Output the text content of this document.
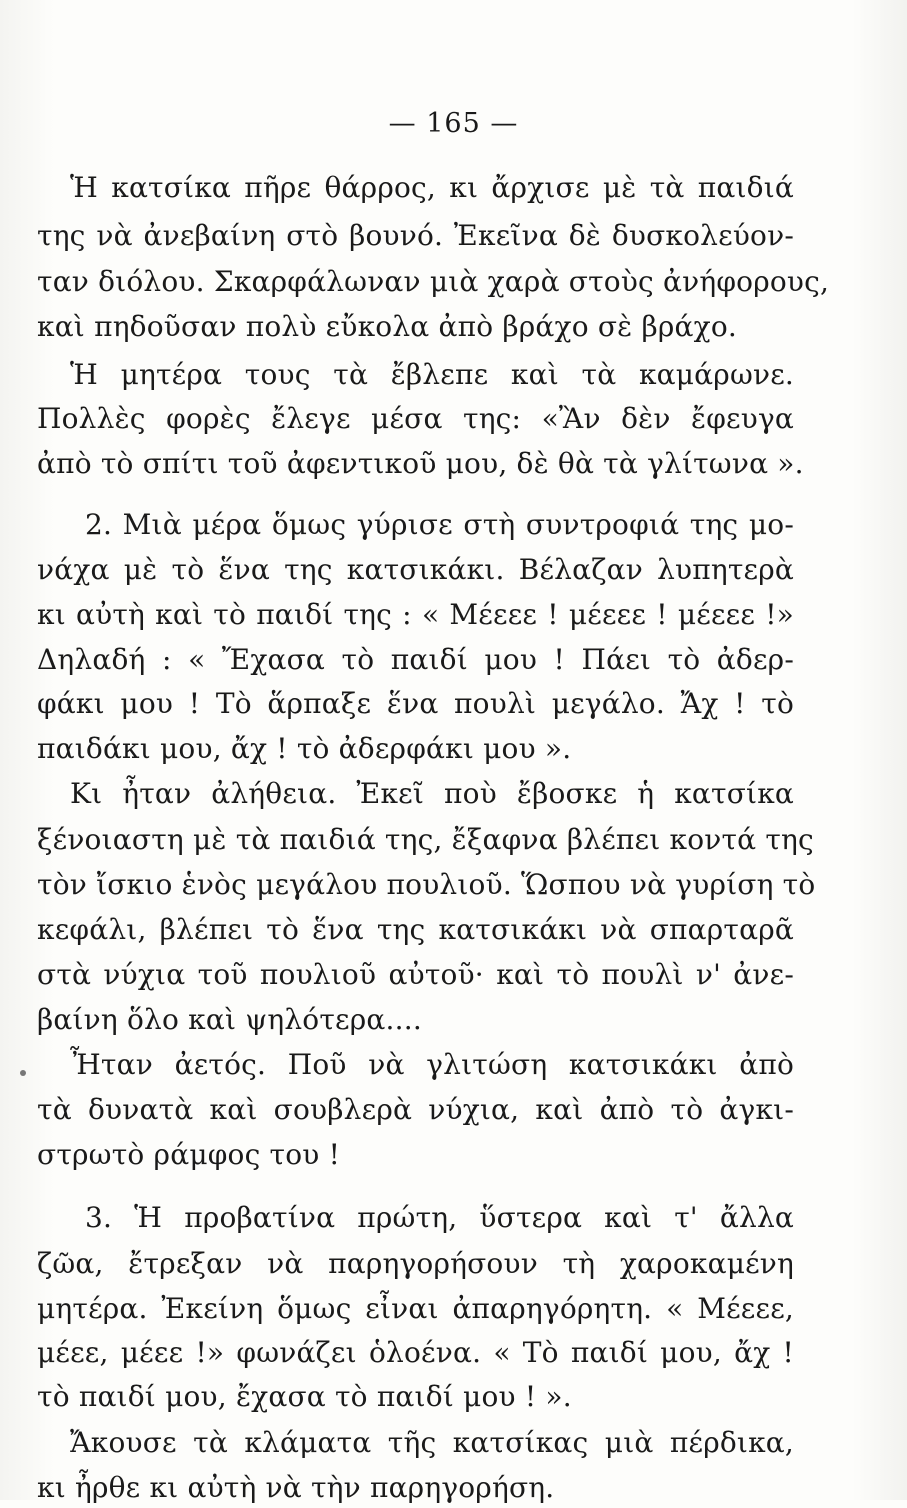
— 165 —
Ἡ κατσίκα πῆρε θάρρος, κι ἄρχισε μὲ τὰ παιδιά
της νὰ ἀνεβαίνη στὸ βουνό. Ἐκεῖνα δὲ δυσκολεύον-
ταν διόλου. Σκαρφάλωναν μιὰ χαρὰ στοὺς ἀνήφορους,
καὶ πηδοῦσαν πολὺ εὔκολα ἀπὸ βράχο σὲ βράχο.
Ἡ μητέρα τους τὰ ἔβλεπε καὶ τὰ καμάρωνε.
Πολλὲς φορὲς ἔλεγε μέσα της: «Ἂν δὲν ἔφευγα
ἀπὸ τὸ σπίτι τοῦ ἀφεντικοῦ μου, δὲ θὰ τὰ γλίτωνα ».
2. Μιὰ μέρα ὅμως γύρισε στὴ συντροφιά της μο-
νάχα μὲ τὸ ἕνα της κατσικάκι. Βέλαζαν λυπητερὰ
κι αὐτὴ καὶ τὸ παιδί της : « Μέεεε ! μέεεε ! μέεεε !»
Δηλαδή : « Ἔχασα τὸ παιδί μου ! Πάει τὸ ἀδερ-
φάκι μου ! Τὸ ἅρπαξε ἕνα πουλὶ μεγάλο. Ἄχ ! τὸ
παιδάκι μου, ἄχ ! τὸ ἀδερφάκι μου ».
Κι ἦταν ἀλήθεια. Ἐκεῖ ποὺ ἔβοσκε ἡ κατσίκα
ξένοιαστη μὲ τὰ παιδιά της, ἔξαφνα βλέπει κοντά της
τὸν ἴσκιο ἑνὸς μεγάλου πουλιοῦ. Ὥσπου νὰ γυρίση τὸ
κεφάλι, βλέπει τὸ ἕνα της κατσικάκι νὰ σπαρταρᾶ
στὰ νύχια τοῦ πουλιοῦ αὐτοῦ· καὶ τὸ πουλὶ ν' ἀνε-
βαίνη ὅλο καὶ ψηλότερα....
Ἦταν ἀετός. Ποῦ νὰ γλιτώση κατσικάκι ἀπὸ
τὰ δυνατὰ καὶ σουβλερὰ νύχια, καὶ ἀπὸ τὸ ἀγκι-
στρωτὸ ράμφος του !
3. Ἡ προβατίνα πρώτη, ὕστερα καὶ τ' ἄλλα
ζῶα, ἔτρεξαν νὰ παρηγορήσουν τὴ χαροκαμένη
μητέρα. Ἐκείνη ὅμως εἶναι ἀπαρηγόρητη. « Μέεεε,
μέεε, μέεε !» φωνάζει ὁλοένα. « Τὸ παιδί μου, ἄχ !
τὸ παιδί μου, ἔχασα τὸ παιδί μου ! ».
Ἄκουσε τὰ κλάματα τῆς κατσίκας μιὰ πέρδικα,
κι ἦρθε κι αὐτὴ νὰ τὴν παρηγορήση.
